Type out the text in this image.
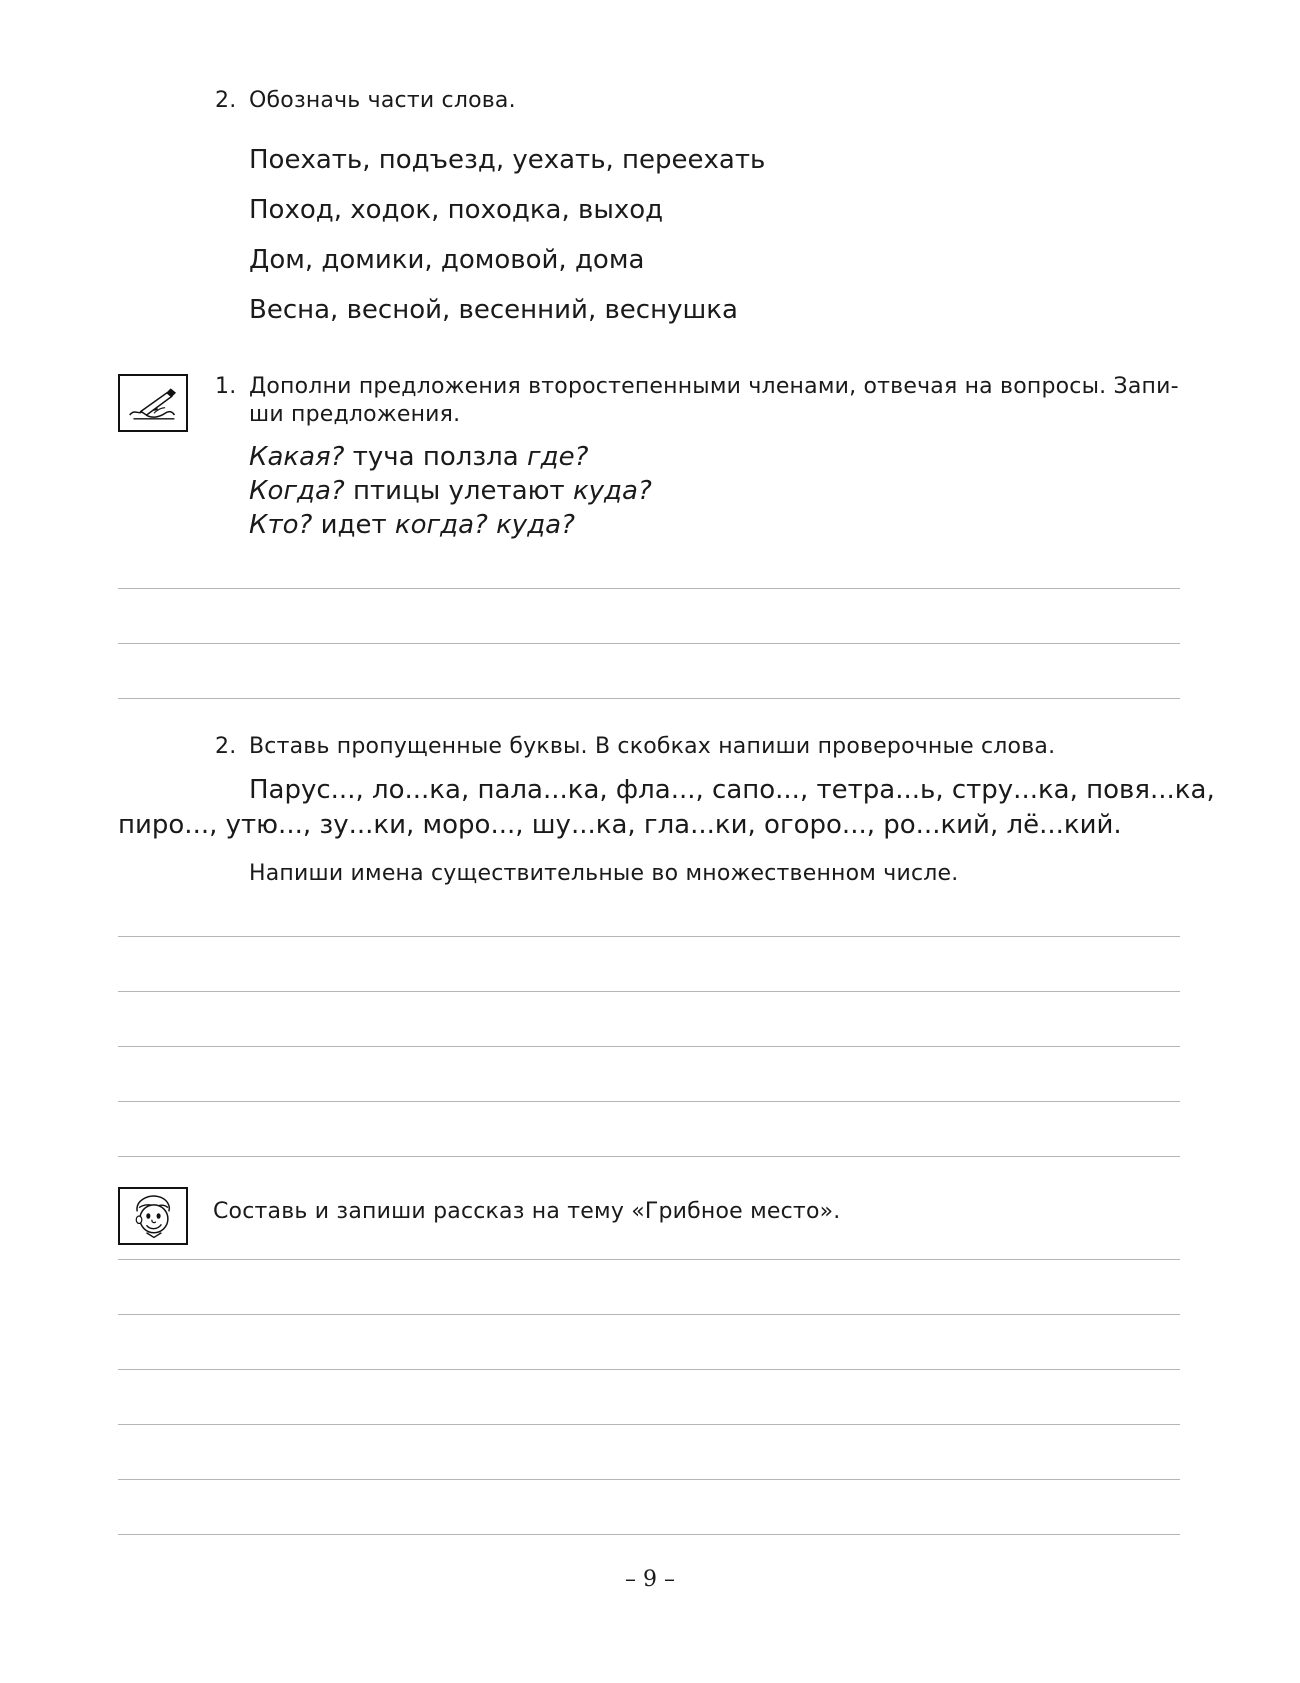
2. Обозначь части слова.
Поехать, подъезд, уехать, переехать
Поход, ходок, походка, выход
Дом, домики, домовой, дома
Весна, весной, весенний, веснушка
1. Дополни предложения второстепенными членами, отвечая на вопросы. Запи-
ши предложения.
Какая? туча ползла где?
Когда? птицы улетают куда?
Кто? идет когда? куда?
2. Вставь пропущенные буквы. В скобках напиши проверочные слова.
Парус..., ло...ка, пала...ка, фла..., сапо..., тетра...ь, стру...ка, повя...ка,
пиро..., утю..., зу...ки, моро..., шу...ка, гла...ки, огоро..., ро...кий, лё...кий.
Напиши имена существительные во множественном числе.
Составь и запиши рассказ на тему «Грибное место».
– 9 –
